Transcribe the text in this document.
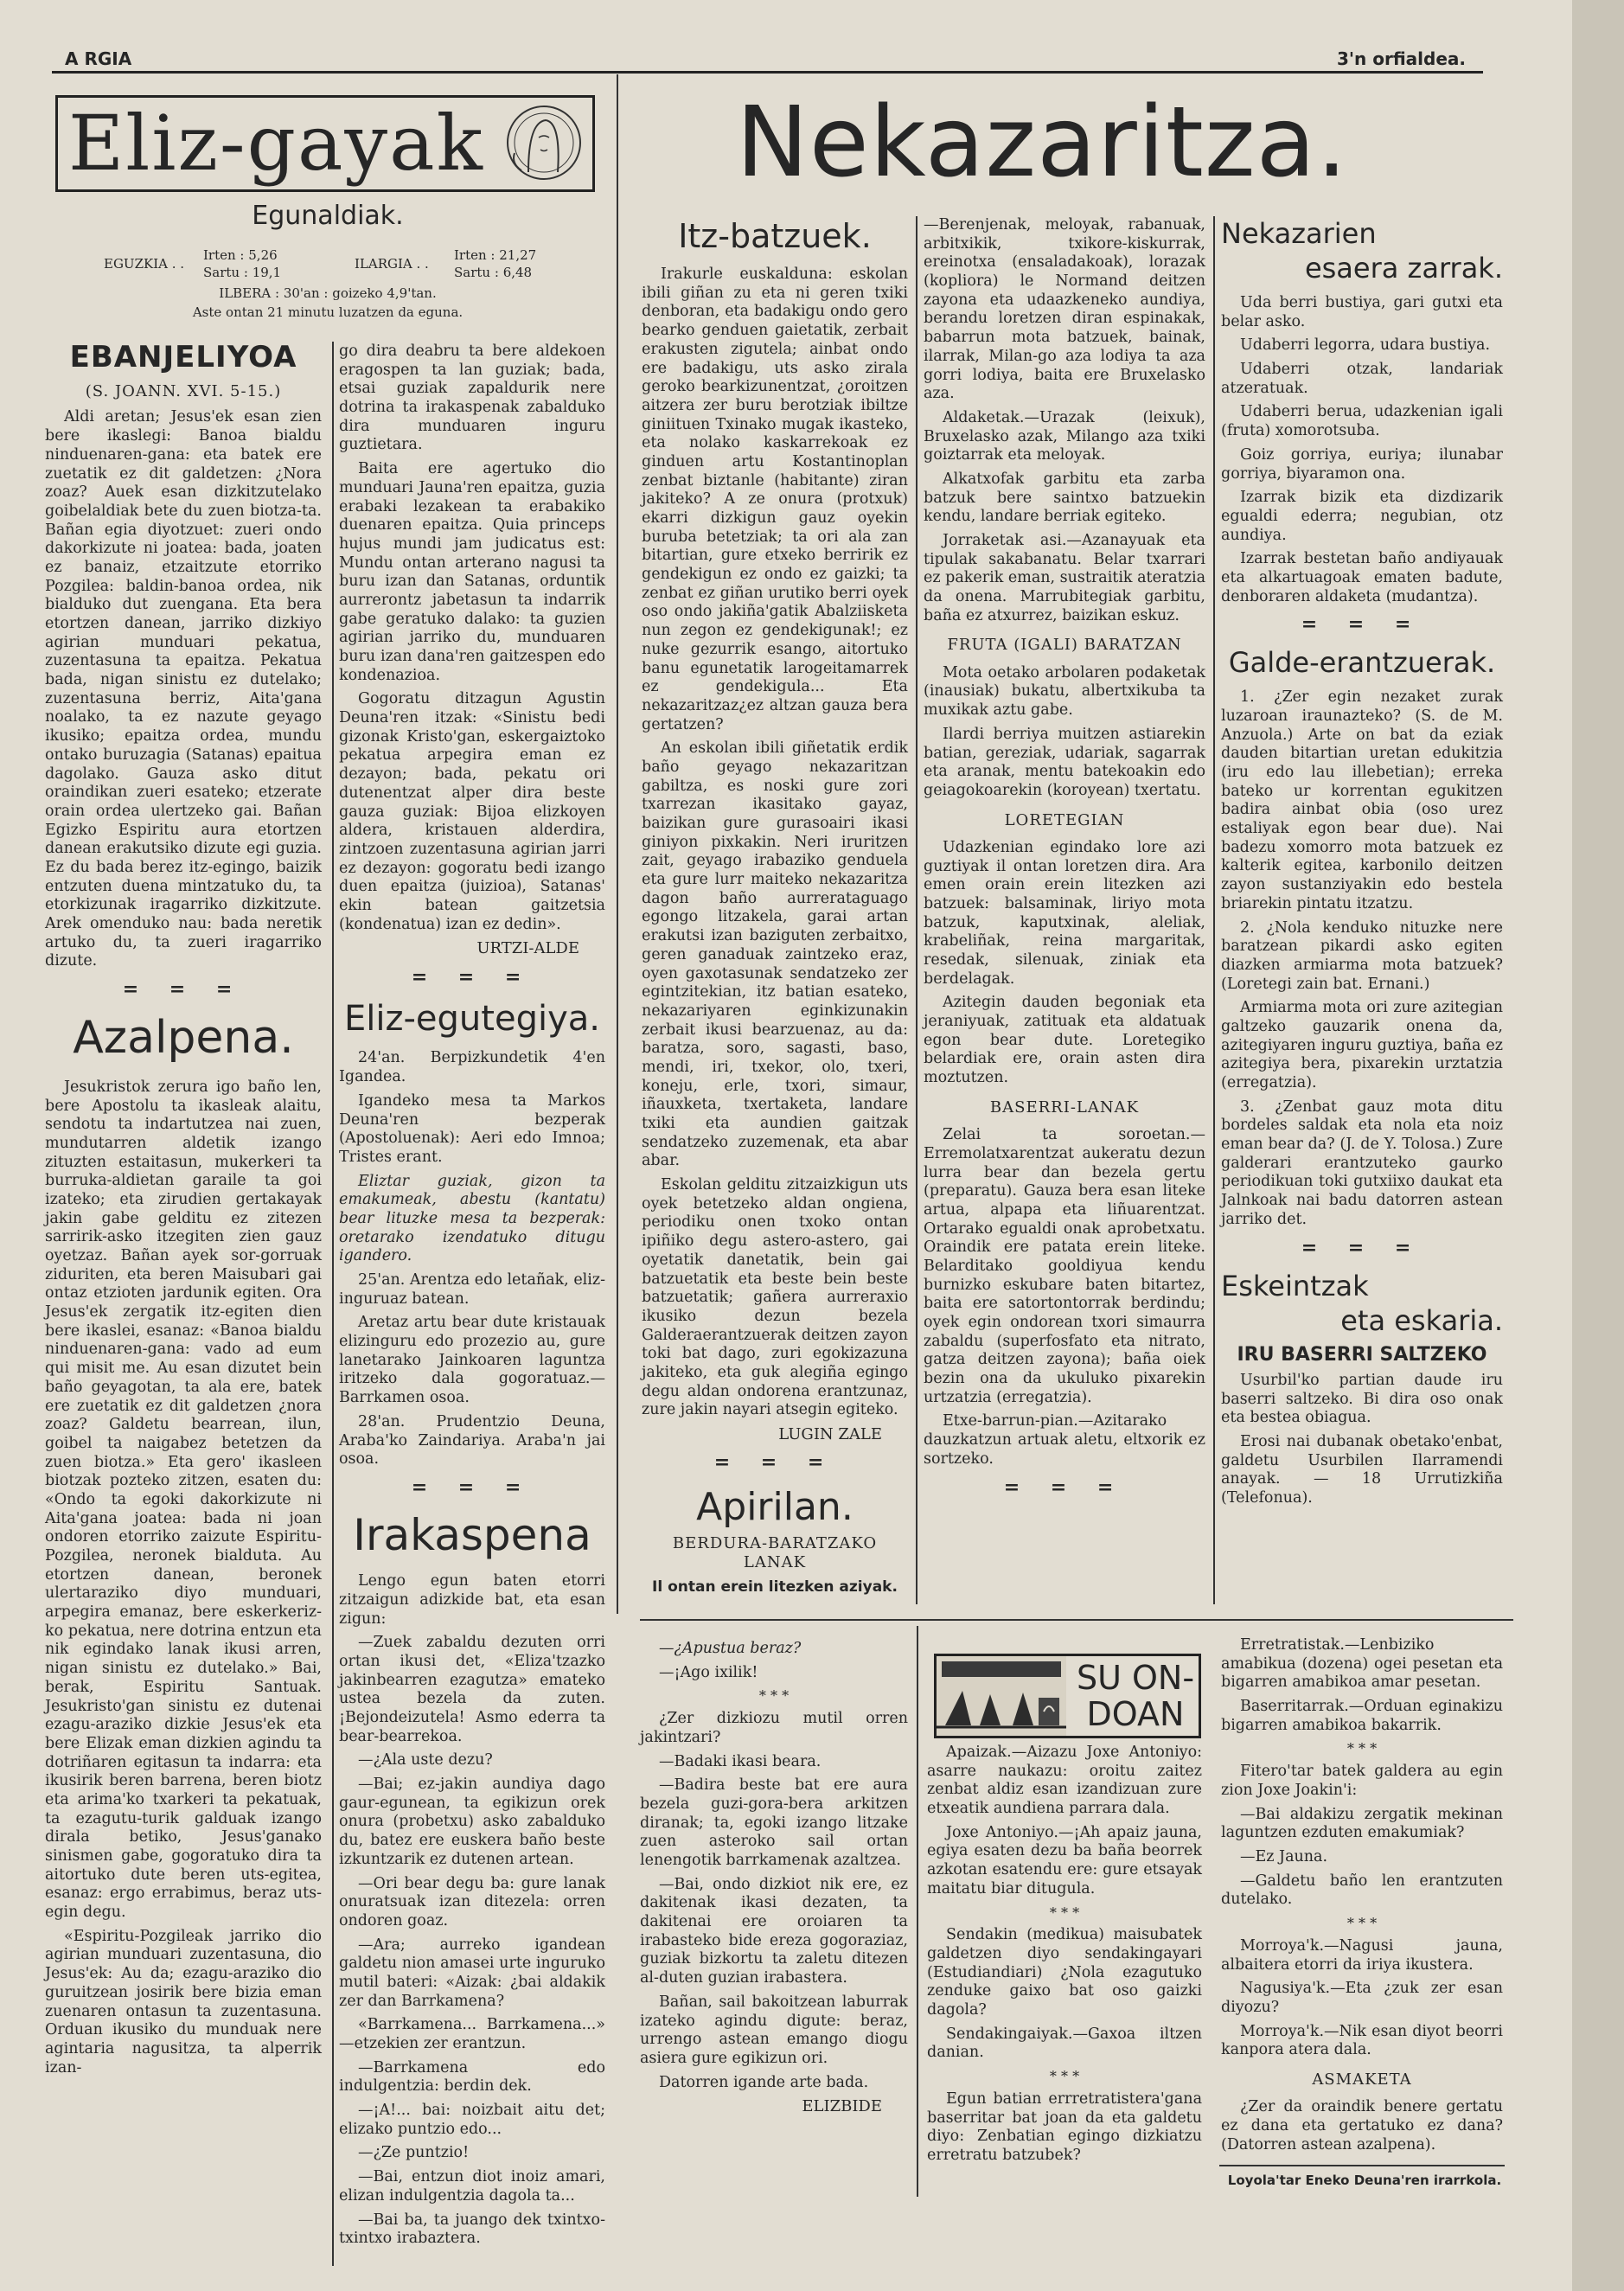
A RGIA	3'n orfialdea.
Eliz-gayak	Nekazaritza.
Egunaldiak.
EGUZKIA . .
Irten : 5,26
Sartu : 19,1
ILARGIA . .
Irten : 21,27
Sartu : 6,48
ILBERA : 30'an : goizeko 4,9'tan.
Aste ontan 21 minutu luzatzen da eguna.
EBANJELIYOA
(S. JOANN. XVI. 5-15.)

Aldi aretan; Jesus'ek esan zien bere ikaslegi: Banoa bialdu ninduenaren-gana: eta batek ere zuetatik ez dit galdetzen: ¿Nora zoaz? Auek esan dizkitzutelako goibelaldiak bete du zuen biotza-ta. Bañan egia diyotzuet: zueri ondo dakorkizute ni joatea: bada, joaten ez banaiz, etzaitzute etorriko Pozgilea: baldin-banoa ordea, nik bialduko dut zuengana. Eta bera etortzen danean, jarriko dizkiyo agirian munduari pekatua, zuzentasuna ta epaitza. Pekatua bada, nigan sinistu ez dutelako; zuzentasuna berriz, Aita'gana noalako, ta ez nazute geyago ikusiko; epaitza ordea, mundu ontako buruzagia (Satanas) epaitua dagolako. Gauza asko ditut oraindikan zueri esateko; etzerate orain ordea ulertzeko gai. Bañan Egizko Espiritu aura etortzen danean erakutsiko dizute egi guzia. Ez du bada berez itz-egingo, baizik entzuten duena mintzatuko du, ta etorkizunak iragarriko dizkitzute. Arek omenduko nau: bada neretik artuko du, ta zueri iragarriko dizute.

= = =
Azalpena.

Jesukristok zerura igo baño len, bere Apostolu ta ikasleak alaitu, sendotu ta indartutzea nai zuen, mundutarren aldetik izango zituzten estaitasun, mukerkeri ta burruka-aldietan garaile ta goi izateko; eta zirudien gertakayak jakin gabe gelditu ez zitezen sarririk-asko itzegiten zien gauz oyetzaz. Bañan ayek sor-gorruak ziduriten, eta beren Maisubari gai ontaz etzioten jardunik egiten. Ora Jesus'ek zergatik itz-egiten dien bere ikaslei, esanaz: «Banoa bialdu ninduenaren-gana: vado ad eum qui misit me. Au esan dizutet bein baño geyagotan, ta ala ere, batek ere zuetatik ez dit galdetzen ¿nora zoaz? Galdetu bearrean, ilun, goibel ta naigabez betetzen da zuen biotza.» Eta gero' ikasleen biotzak pozteko zitzen, esaten du: «Ondo ta egoki dakorkizute ni Aita'gana joatea: bada ni joan ondoren etorriko zaizute Espiritu-Pozgilea, neronek bialduta. Au etortzen danean, beronek ulertaraziko diyo munduari, arpegira emanaz, bere eskerkeriz-ko pekatua, nere dotrina entzun eta nik egindako lanak ikusi arren, nigan sinistu ez dutelako.» Bai, berak, Espiritu Santuak. Jesukristo'gan sinistu ez dutenai ezagu-araziko dizkie Jesus'ek eta bere Elizak eman dizkien agindu ta dotriñaren egitasun ta indarra: eta ikusirik beren barrena, beren biotz eta arima'ko txarkeri ta pekatuak, ta ezagutu-turik galduak izango dirala betiko, Jesus'ganako sinismen gabe, gogoratuko dira ta aitortuko dute beren uts-egitea, esanaz: ergo errabimus, beraz uts-egin degu.

«Espiritu-Pozgileak jarriko dio agirian munduari zuzentasuna, dio Jesus'ek: Au da; ezagu-araziko dio guruitzean josirik bere bizia eman zuenaren ontasun ta zuzentasuna. Orduan ikusiko du munduak nere agintaria nagusitza, ta alperrik izan-

go dira deabru ta bere aldekoen eragospen ta lan guziak; bada, etsai guziak zapaldurik nere dotrina ta irakaspenak zabalduko dira munduaren inguru guztietara.

Baita ere agertuko dio munduari Jauna'ren epaitza, guzia erabaki lezakean ta erabakiko duenaren epaitza. Quia princeps hujus mundi jam judicatus est: Mundu ontan arterano nagusi ta buru izan dan Satanas, orduntik aurrerontz jabetasun ta indarrik gabe geratuko dalako: ta guzien agirian jarriko du, munduaren buru izan dana'ren gaitzespen edo kondenazioa.

Gogoratu ditzagun Agustin Deuna'ren itzak: «Sinistu bedi gizonak Kristo'gan, eskergaiztoko pekatua arpegira eman ez dezayon; bada, pekatu ori dutenentzat alper dira beste gauza guziak: Bijoa elizkoyen aldera, kristauen alderdira, zintzoen zuzentasuna agirian jarri ez dezayon: gogoratu bedi izango duen epaitza (juizioa), Satanas' ekin batean gaitzetsia (kondenatua) izan ez dedin».

URTZI-ALDE
= = =
Eliz-egutegiya.

24'an. Berpizkundetik 4'en Igandea.

Igandeko mesa ta Markos Deuna'ren bezperak (Apostoluenak): Aeri edo Imnoa; Tristes erant.

Eliztar guziak, gizon ta emakumeak, abestu (kantatu) bear lituzke mesa ta bezperak: oretarako izendatuko ditugu igandero.

25'an. Arentza edo letañak, eliz-inguruaz batean.

Aretaz artu bear dute kristauak elizinguru edo prozezio au, gure lanetarako Jainkoaren laguntza iritzeko dala gogoratuaz.—Barrkamen osoa.

28'an. Prudentzio Deuna, Araba'ko Zaindariya. Araba'n jai osoa.

= = =
Irakaspena

Lengo egun baten etorri zitzaigun adizkide bat, eta esan zigun:

—Zuek zabaldu dezuten orri ortan ikusi det, «Eliza'tzazko jakinbearren ezagutza» emateko ustea bezela da zuten. ¡Bejondeizutela! Asmo ederra ta bear-bearrekoa.

—¿Ala uste dezu?

—Bai; ez-jakin aundiya dago gaur-egunean, ta egikizun orek onura (probetxu) asko zabalduko du, batez ere euskera baño beste izkuntzarik ez dutenen artean.

—Ori bear degu ba: gure lanak onuratsuak izan ditezela: orren ondoren goaz.

—Ara; aurreko igandean galdetu nion amasei urte inguruko mutil bateri: «Aizak: ¿bai aldakik zer dan Barrkamena?

«Barrkamena... Barrkamena...» —etzekien zer erantzun.

—Barrkamena edo indulgentzia: berdin dek.

—¡A!... bai: noizbait aitu det; elizako puntzio edo...

—¿Ze puntzio!

—Bai, entzun diot inoiz amari, elizan indulgentzia dagola ta...

—Bai ba, ta juango dek txintxo-txintxo irabaztera.

—¿Apustua beraz?

—¡Ago ixilik!

* * *

¿Zer dizkiozu mutil orren jakintzari?

—Badaki ikasi beara.

—Badira beste bat ere aura bezela guzi-gora-bera arkitzen diranak; ta, egoki izango litzake zuen asteroko sail ortan lenengotik barrkamenak azaltzea.

—Bai, ondo dizkiot nik ere, ez dakitenak ikasi dezaten, ta dakitenai ere oroiaren ta irabasteko bide ereza gogoraziaz, guziak bizkortu ta zaletu ditezen al-duten guzian irabastera.

Bañan, sail bakoitzean laburrak izateko agindu digute: beraz, urrengo astean emango diogu asiera gure egikizun ori.

Datorren igande arte bada.

ELIZBIDE
Itz-batzuek.

Irakurle euskalduna: eskolan ibili giñan zu eta ni geren txiki denboran, eta badakigu ondo gero bearko genduen gaietatik, zerbait erakusten zigutela; ainbat ondo ere badakigu, uts asko zirala geroko bearkizunentzat, ¿oroitzen aitzera zer buru berotziak ibiltze giniituen Txinako mugak ikasteko, eta nolako kaskarrekoak ez ginduen artu Kostantinoplan zenbat biztanle (habitante) ziran jakiteko? A ze onura (protxuk) ekarri dizkigun gauz oyekin buruba betetziak; ta ori ala zan bitartian, gure etxeko berririk ez gendekigun ez ondo ez gaizki; ta zenbat ez giñan urutiko berri oyek oso ondo jakiña'gatik Abalziisketa nun zegon ez gendekigunak!; ez nuke gezurrik esango, aitortuko banu egunetatik larogeitamarrek ez gendekigula... Eta nekazaritzaz¿ez altzan gauza bera gertatzen?

An eskolan ibili giñetatik erdik baño geyago nekazaritzan gabiltza, es noski gure zori txarrezan ikasitako gayaz, baizikan gure gurasoairi ikasi giniyon pixkakin. Neri iruritzen zait, geyago irabaziko genduela eta gure lurr maiteko nekazaritza dagon baño aurrerataguago egongo litzakela, garai artan erakutsi izan baziguten zerbaitxo, geren ganaduak zaintzeko eraz, oyen gaxotasunak sendatzeko zer egintzitekian, itz batian esateko, nekazariyaren eginkizunakin zerbait ikusi bearzuenaz, au da: baratza, soro, sagasti, baso, mendi, iri, txekor, olo, txeri, koneju, erle, txori, simaur, iñauxketa, txertaketa, landare txiki eta aundien gaitzak sendatzeko zuzemenak, eta abar abar.

Eskolan gelditu zitzaizkigun uts oyek betetzeko aldan ongiena, periodiku onen txoko ontan ipiñiko degu astero-astero, gai oyetatik danetatik, bein gai batzuetatik eta beste bein beste batzuetatik; gañera aurreraxio ikusiko dezun bezela Galderaerantzuerak deitzen zayon toki bat dago, zuri egokizazuna jakiteko, eta guk alegiña egingo degu aldan ondorena erantzunaz, zure jakin nayari atsegin egiteko.

LUGIN ZALE
= = =
Apirilan.
BERDURA-BARATZAKO LANAK
Il ontan erein litezken aziyak.

—Berenjenak, meloyak, rabanuak, arbitxikik, txikore-kiskurrak, ereinotxa (ensaladakoak), lorazak (kopliora) le Normand deitzen zayona eta udaazkeneko aundiya, berandu loretzen diran espinakak, babarrun mota batzuek, bainak, ilarrak, Milan-go aza lodiya ta aza gorri lodiya, baita ere Bruxelasko aza.

Aldaketak.—Urazak (leixuk), Bruxelasko azak, Milango aza txiki goiztarrak eta meloyak.

Alkatxofak garbitu eta zarba batzuk bere saintxo batzuekin kendu, landare berriak egiteko.

Jorraketak asi.—Azanayuak eta tipulak sakabanatu. Belar txarrari ez pakerik eman, sustraitik ateratzia da onena. Marrubitegiak garbitu, baña ez atxurrez, baizikan eskuz.

FRUTA (IGALI) BARATZAN

Mota oetako arbolaren podaketak (inausiak) bukatu, albertxikuba ta muxikak aztu gabe.

Ilardi berriya muitzen astiarekin batian, gereziak, udariak, sagarrak eta aranak, mentu batekoakin edo geiagokoarekin (koroyean) txertatu.

LORETEGIAN

Udazkenian egindako lore azi guztiyak il ontan loretzen dira. Ara emen orain erein litezken azi batzuek: balsaminak, liriyo mota batzuk, kaputxinak, aleliak, krabeliñak, reina margaritak, resedak, silenuak, ziniak eta berdelagak.

Azitegin dauden begoniak eta jeraniyuak, zatituak eta aldatuak egon bear dute. Loretegiko belardiak ere, orain asten dira moztutzen.

BASERRI-LANAK

Zelai ta soroetan.—Erremolatxarentzat aukeratu dezun lurra bear dan bezela gertu (preparatu). Gauza bera esan liteke artua, alpapa eta liñuarentzat. Ortarako egualdi onak aprobetxatu. Oraindik ere patata erein liteke. Belarditako gooldiyua kendu burnizko eskubare baten bitartez, baita ere satortontorrak berdindu; oyek egin ondorean txori simaurra zabaldu (superfosfato eta nitrato, gatza deitzen zayona); baña oiek bezin ona da ukuluko pixarekin urtzatzia (erregatzia).

Etxe-barrun-pian.—Azitarako dauzkatzun artuak aletu, eltxorik ez sortzeko.

= = =
Nekazarien
esaera zarrak.

Uda berri bustiya, gari gutxi eta belar asko.

Udaberri legorra, udara bustiya.

Udaberri otzak, landariak atzeratuak.

Udaberri berua, udazkenian igali (fruta) xomorotsuba.

Goiz gorriya, euriya; ilunabar gorriya, biyaramon ona.

Izarrak bizik eta dizdizarik egualdi ederra; negubian, otz aundiya.

Izarrak bestetan baño andiyauak eta alkartuagoak ematen badute, denboraren aldaketa (mudantza).

= = =
Galde-erantzuerak.

1. ¿Zer egin nezaket zurak luzaroan iraunazteko? (S. de M. Anzuola.) Arte on bat da eziak dauden bitartian uretan edukitzia (iru edo lau illebetian); erreka bateko ur korrentan egukitzen badira ainbat obia (oso urez estaliyak egon bear due). Nai badezu xomorro mota batzuek ez kalterik egitea, karbonilo deitzen zayon sustanziyakin edo bestela briarekin pintatu itzatzu.

2. ¿Nola kenduko nituzke nere baratzean pikardi asko egiten diazken armiarma mota batzuek? (Loretegi zain bat. Ernani.)

Armiarma mota ori zure azitegian galtzeko gauzarik onena da, azitegiyaren inguru guztiya, baña ez azitegiya bera, pixarekin urztatzia (erregatzia).

3. ¿Zenbat gauz mota ditu bordeles saldak eta nola eta noiz eman bear da? (J. de Y. Tolosa.) Zure galderari erantzuteko gaurko periodikuan toki gutxiixo daukat eta Jalnkoak nai badu datorren astean jarriko det.

= = =
Eskeintzak
eta eskaria.
IRU BASERRI SALTZEKO

Usurbil'ko partian daude iru baserri saltzeko. Bi dira oso onak eta bestea obiagua.

Erosi nai dubanak obetako'enbat, galdetu Usurbilen Ilarramendi anayak. — 18 Urrutizkiña (Telefonua).

SU ON-
DOAN

Apaizak.—Aizazu Joxe Antoniyo: asarre naukazu: oroitu zaitez zenbat aldiz esan izandizuan zure etxeatik aundiena parrara dala.

Joxe Antoniyo.—¡Ah apaiz jauna, egiya esaten dezu ba baña beorrek azkotan esatendu ere: gure etsayak maitatu biar ditugula.

* * *

Sendakin (medikua) maisubatek galdetzen diyo sendakingayari (Estudiandiari) ¿Nola ezagutuko zenduke gaixo bat oso gaizki dagola?

Sendakingaiyak.—Gaxoa iltzen danian.

* * *

Egun batian errretratistera'gana baserritar bat joan da eta galdetu diyo: Zenbatian egingo dizkiatzu erretratu batzubek?

Erretratistak.—Lenbiziko amabikua (dozena) ogei pesetan eta bigarren amabikoa amar pesetan.

Baserritarrak.—Orduan eginakizu bigarren amabikoa bakarrik.

* * *

Fitero'tar batek galdera au egin zion Joxe Joakin'i:

—Bai aldakizu zergatik mekinan laguntzen ezduten emakumiak?

—Ez Jauna.

—Galdetu baño len erantzuten dutelako.

* * *

Morroya'k.—Nagusi jauna, albaitera etorri da iriya ikustera.

Nagusiya'k.—Eta ¿zuk zer esan diyozu?

Morroya'k.—Nik esan diyot beorri kanpora atera dala.

ASMAKETA

¿Zer da oraindik benere gertatu ez dana eta gertatuko ez dana? (Datorren astean azalpena).

Loyola'tar Eneko Deuna'ren irarrkola.
